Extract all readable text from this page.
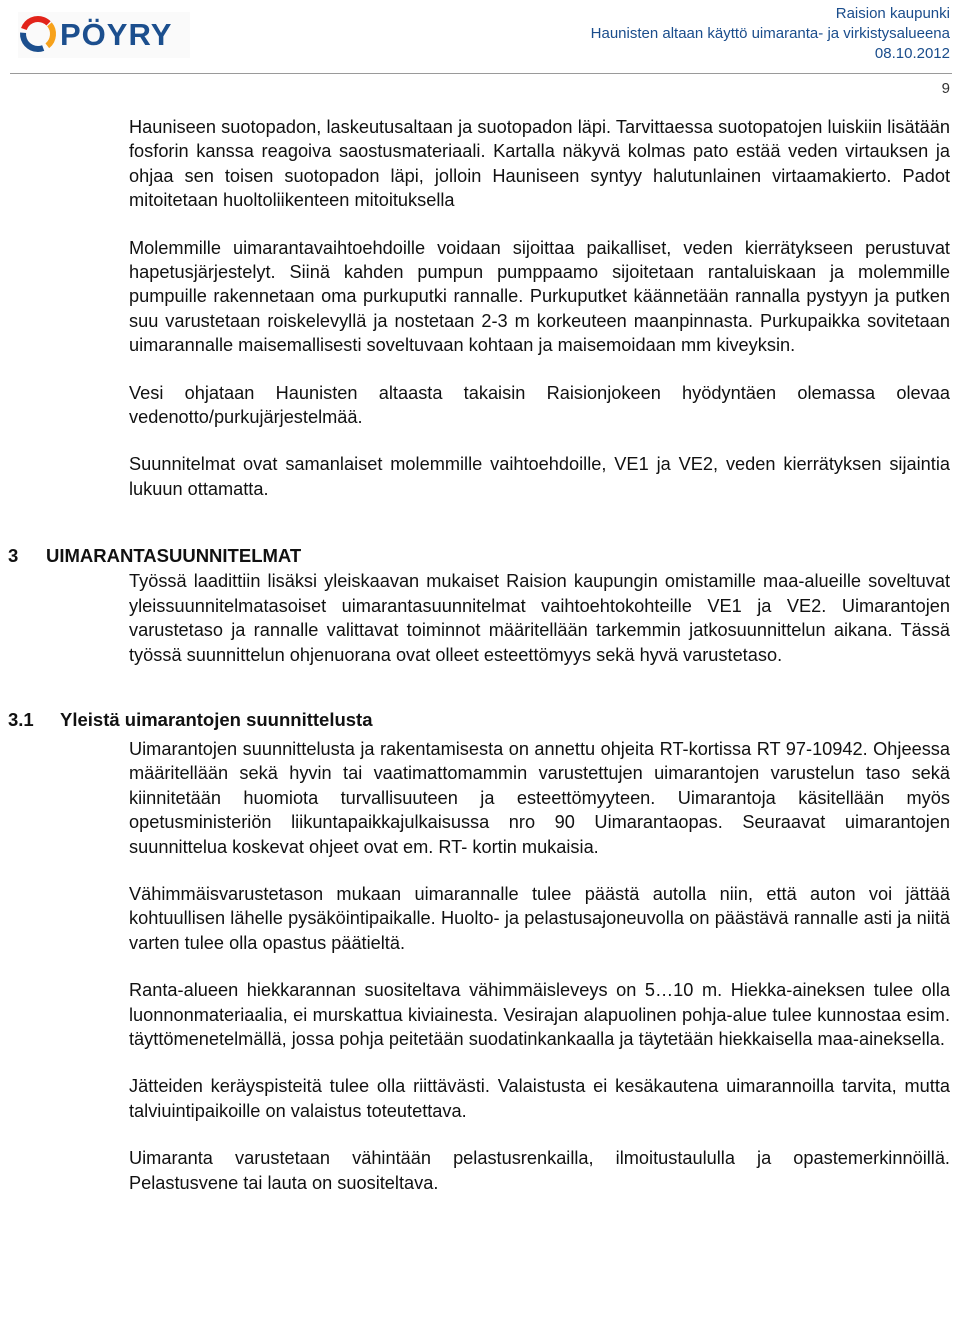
PÖYRY
Raision kaupunki
Haunisten altaan käyttö uimaranta- ja virkistysalueena
08.10.2012
9

Hauniseen suotopadon, laskeutusaltaan ja suotopadon läpi. Tarvittaessa suotopatojen luiskiin lisätään fosforin kanssa reagoiva saostusmateriaali. Kartalla näkyvä kolmas pato estää veden virtauksen ja ohjaa sen toisen suotopadon läpi, jolloin Hauniseen syntyy halutunlainen virtaamakierto. Padot mitoitetaan huoltoliikenteen mitoituksella

Molemmille uimarantavaihtoehdoille voidaan sijoittaa paikalliset, veden kierrätykseen perustuvat hapetusjärjestelyt. Siinä kahden pumpun pumppaamo sijoitetaan rantaluiskaan ja molemmille pumpuille rakennetaan oma purkuputki rannalle. Purkuputket käännetään rannalla pystyyn ja putken suu varustetaan roiskelevyllä ja nostetaan 2-3 m korkeuteen maanpinnasta. Purkupaikka sovitetaan uimarannalle maisemallisesti soveltuvaan kohtaan ja maisemoidaan mm kiveyksin.

Vesi ohjataan Haunisten altaasta takaisin Raisionjokeen hyödyntäen olemassa olevaa vedenotto/purkujärjestelmää.

Suunnitelmat ovat samanlaiset molemmille vaihtoehdoille, VE1 ja VE2, veden kierrätyksen sijaintia lukuun ottamatta.

3 UIMARANTASUUNNITELMAT

Työssä laadittiin lisäksi yleiskaavan mukaiset Raision kaupungin omistamille maa-alueille soveltuvat yleissuunnitelmatasoiset uimarantasuunnitelmat vaihtoehtokohteille VE1 ja VE2. Uimarantojen varustetaso ja rannalle valittavat toiminnot määritellään tarkemmin jatkosuunnittelun aikana. Tässä työssä suunnittelun ohjenuorana ovat olleet esteettömyys sekä hyvä varustetaso.

3.1 Yleistä uimarantojen suunnittelusta

Uimarantojen suunnittelusta ja rakentamisesta on annettu ohjeita RT-kortissa RT 97-10942. Ohjeessa määritellään sekä hyvin tai vaatimattomammin varustettujen uimarantojen varustelun taso sekä kiinnitetään huomiota turvallisuuteen ja esteettömyyteen. Uimarantoja käsitellään myös opetusministeriön liikuntapaikkajulkaisussa nro 90 Uimarantaopas. Seuraavat uimarantojen suunnittelua koskevat ohjeet ovat em. RT- kortin mukaisia.

Vähimmäisvarustetason mukaan uimarannalle tulee päästä autolla niin, että auton voi jättää kohtuullisen lähelle pysäköintipaikalle. Huolto- ja pelastusajoneuvolla on päästävä rannalle asti ja niitä varten tulee olla opastus päätieltä.

Ranta-alueen hiekkarannan suositeltava vähimmäisleveys on 5…10 m. Hiekka-aineksen tulee olla luonnonmateriaalia, ei murskattua kiviainesta. Vesirajan alapuolinen pohja-alue tulee kunnostaa esim. täyttömenetelmällä, jossa pohja peitetään suodatinkankaalla ja täytetään hiekkaisella maa-aineksella.

Jätteiden keräyspisteitä tulee olla riittävästi. Valaistusta ei kesäkautena uimarannoilla tarvita, mutta talviuintipaikoille on valaistus toteutettava.

Uimaranta varustetaan vähintään pelastusrenkailla, ilmoitustaululla ja opastemerkinnöillä. Pelastusvene tai lauta on suositeltava.
